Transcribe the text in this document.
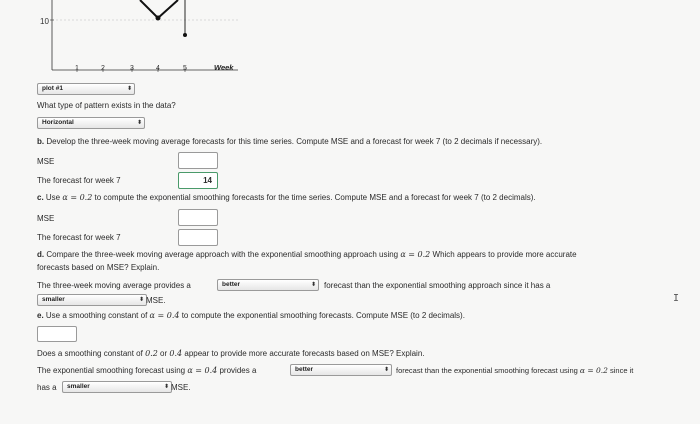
10
1	2	3	4	5	Week
plot #1	⬍
What type of pattern exists in the data?
Horizontal	⬍
b. Develop the three-week moving average forecasts for this time series. Compute MSE and a forecast for week 7 (to 2 decimals if necessary).
MSE
The forecast for week 7	14
c. Use α = 0.2 to compute the exponential smoothing forecasts for the time series. Compute MSE and a forecast for week 7 (to 2 decimals).
MSE
The forecast for week 7
d. Compare the three-week moving average approach with the exponential smoothing approach using α = 0.2 Which appears to provide more accurate
forecasts based on MSE? Explain.
The three-week moving average provides a	better	⬍ forecast than the exponential smoothing approach since it has a
smaller	⬍ MSE.
e. Use a smoothing constant of α = 0.4 to compute the exponential smoothing forecasts. Compute MSE (to 2 decimals).
Does a smoothing constant of 0.2 or 0.4 appear to provide more accurate forecasts based on MSE? Explain.
The exponential smoothing forecast using α = 0.4 provides a	better	⬍ forecast than the exponential smoothing forecast using α = 0.2 since it
has a	smaller	⬍ MSE.
I
